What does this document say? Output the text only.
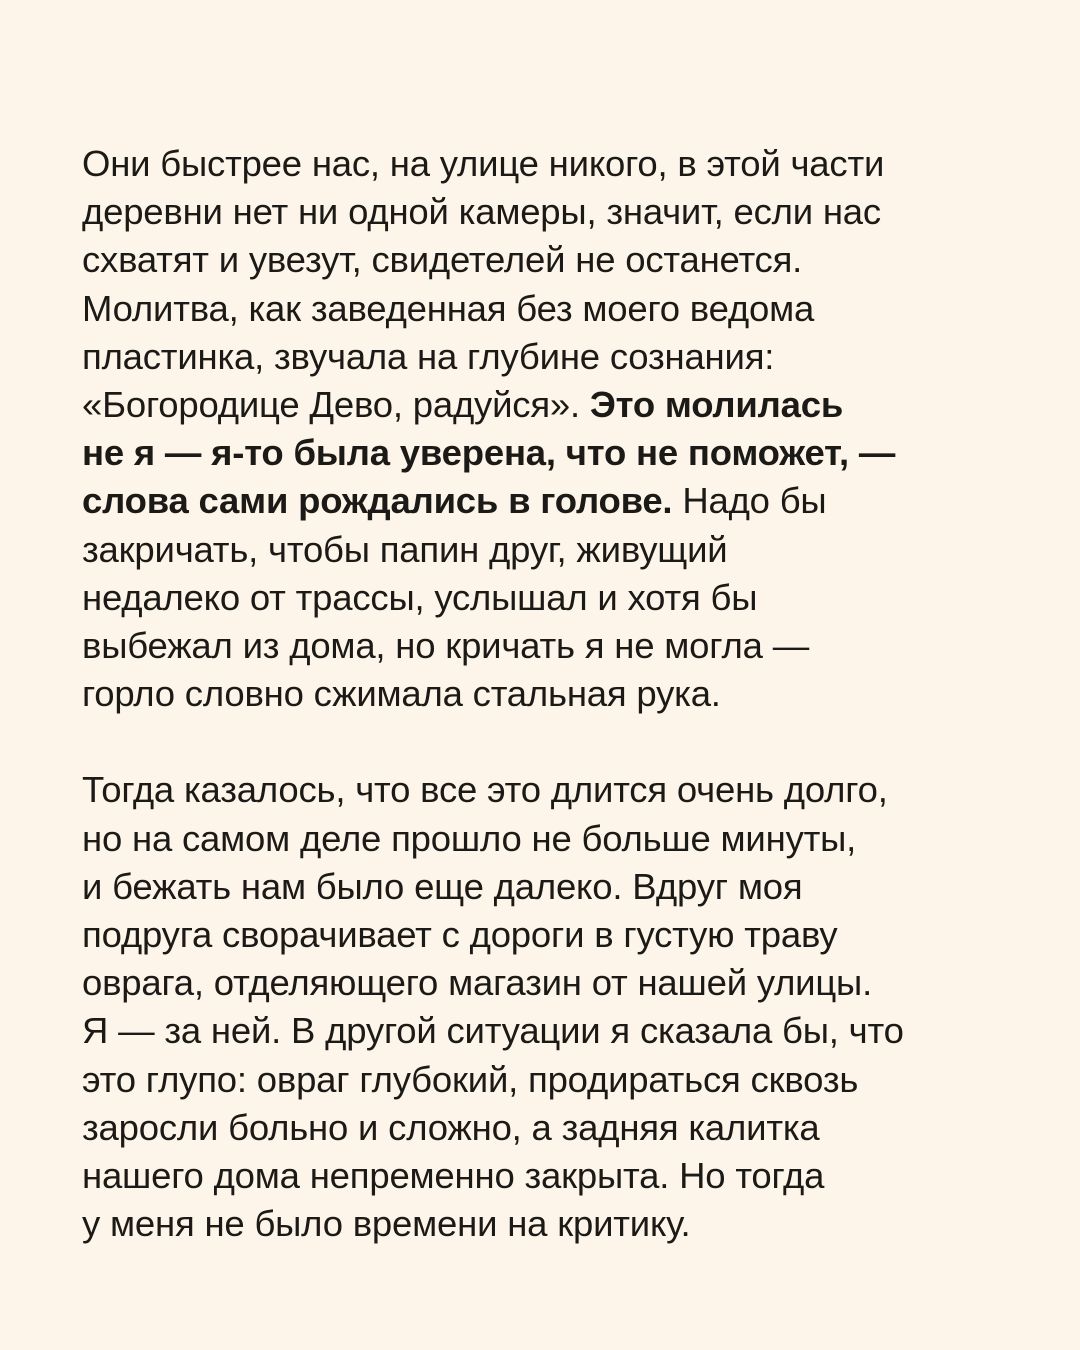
Они быстрее нас, на улице никого, в этой части
деревни нет ни одной камеры, значит, если нас
схватят и увезут, свидетелей не останется.
Молитва, как заведенная без моего ведома
пластинка, звучала на глубине сознания:
«Богородице Дево, радуйся». Это молилась
не я — я-то была уверена, что не поможет, —
слова сами рождались в голове. Надо бы
закричать, чтобы папин друг, живущий
недалеко от трассы, услышал и хотя бы
выбежал из дома, но кричать я не могла —
горло словно сжимала стальная рука.

Тогда казалось, что все это длится очень долго,
но на самом деле прошло не больше минуты,
и бежать нам было еще далеко. Вдруг моя
подруга сворачивает с дороги в густую траву
оврага, отделяющего магазин от нашей улицы.
Я — за ней. В другой ситуации я сказала бы, что
это глупо: овраг глубокий, продираться сквозь
заросли больно и сложно, а задняя калитка
нашего дома непременно закрыта. Но тогда
у меня не было времени на критику.
